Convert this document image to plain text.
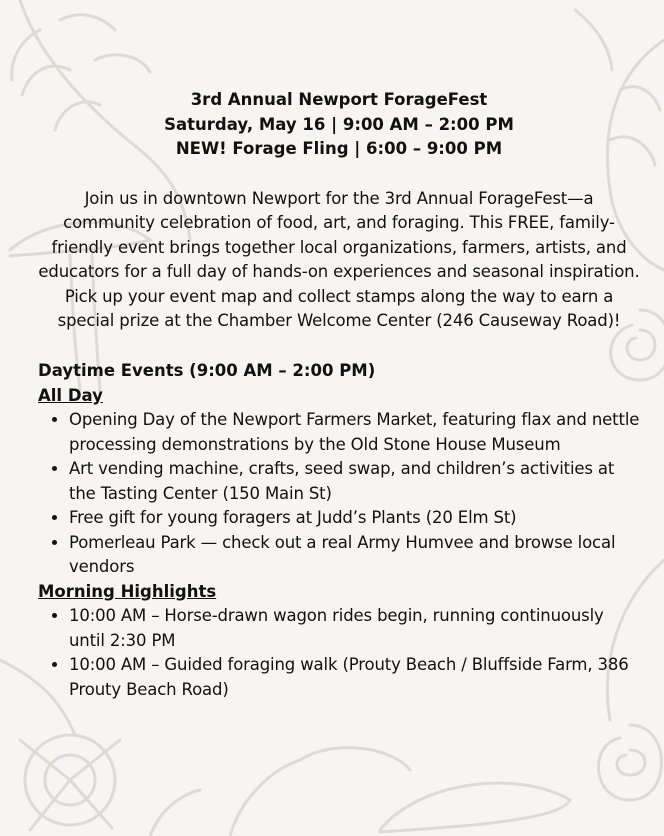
3rd Annual Newport ForageFest
Saturday, May 16 | 9:00 AM – 2:00 PM
NEW! Forage Fling | 6:00 – 9:00 PM
Join us in downtown Newport for the 3rd Annual ForageFest—a community celebration of food, art, and foraging. This FREE, family-friendly event brings together local organizations, farmers, artists, and educators for a full day of hands-on experiences and seasonal inspiration. Pick up your event map and collect stamps along the way to earn a special prize at the Chamber Welcome Center (246 Causeway Road)!
Daytime Events (9:00 AM – 2:00 PM)
All Day
• Opening Day of the Newport Farmers Market, featuring flax and nettle processing demonstrations by the Old Stone House Museum
• Art vending machine, crafts, seed swap, and children’s activities at the Tasting Center (150 Main St)
• Free gift for young foragers at Judd’s Plants (20 Elm St)
• Pomerleau Park — check out a real Army Humvee and browse local vendors
Morning Highlights
• 10:00 AM – Horse-drawn wagon rides begin, running continuously until 2:30 PM
• 10:00 AM – Guided foraging walk (Prouty Beach / Bluffside Farm, 386 Prouty Beach Road)
